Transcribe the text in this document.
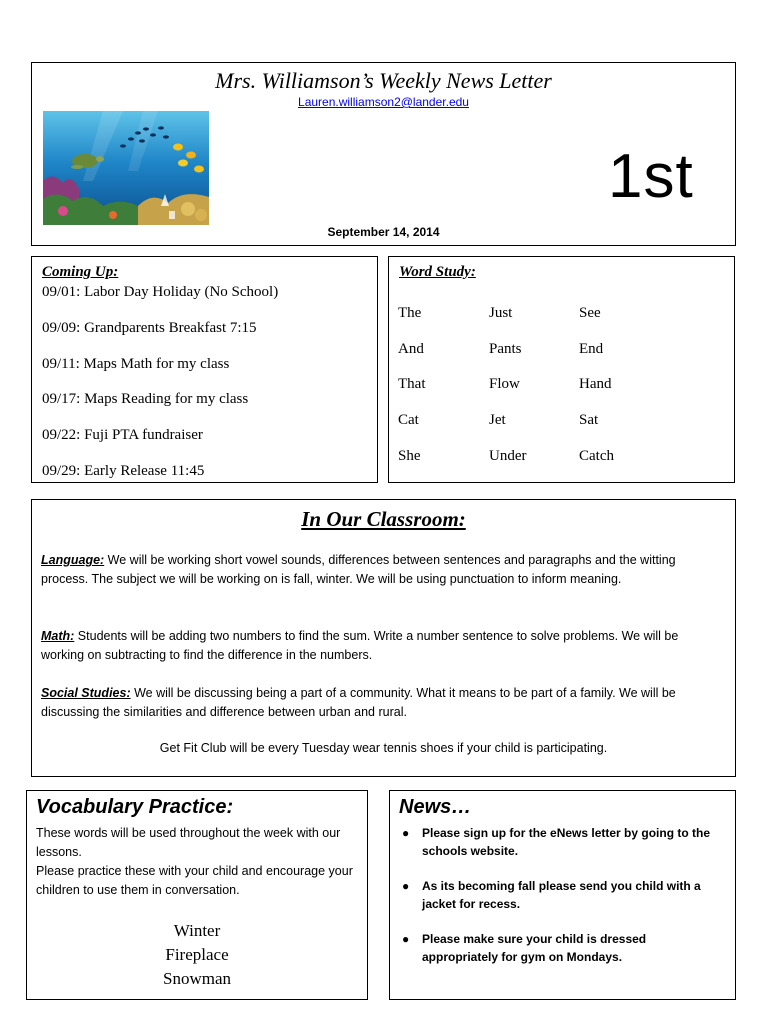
Mrs. Williamson’s Weekly News Letter
Lauren.williamson2@lander.edu
1st
September 14, 2014
Coming Up:
09/01: Labor Day Holiday (No School)
09/09: Grandparents Breakfast 7:15
09/11: Maps Math for my class
09/17: Maps Reading for my class
09/22: Fuji PTA fundraiser
09/29: Early Release 11:45
Word Study:
The	Just	See
And	Pants	End
That	Flow	Hand
Cat	Jet	Sat
She	Under	Catch
In Our Classroom:
Language: We will be working short vowel sounds, differences between sentences and paragraphs and the witting process. The subject we will be working on is fall, winter. We will be using punctuation to inform meaning.
Math: Students will be adding two numbers to find the sum. Write a number sentence to solve problems. We will be working on subtracting to find the difference in the numbers.
Social Studies: We will be discussing being a part of a community. What it means to be part of a family. We will be discussing the similarities and difference between urban and rural.
Get Fit Club will be every Tuesday wear tennis shoes if your child is participating.
Vocabulary Practice:
These words will be used throughout the week with our lessons.
Please practice these with your child and encourage your children to use them in conversation.
Winter
Fireplace
Snowman
News…
● Please sign up for the eNews letter by going to the schools website.
● As its becoming fall please send you child with a jacket for recess.
● Please make sure your child is dressed appropriately for gym on Mondays.
